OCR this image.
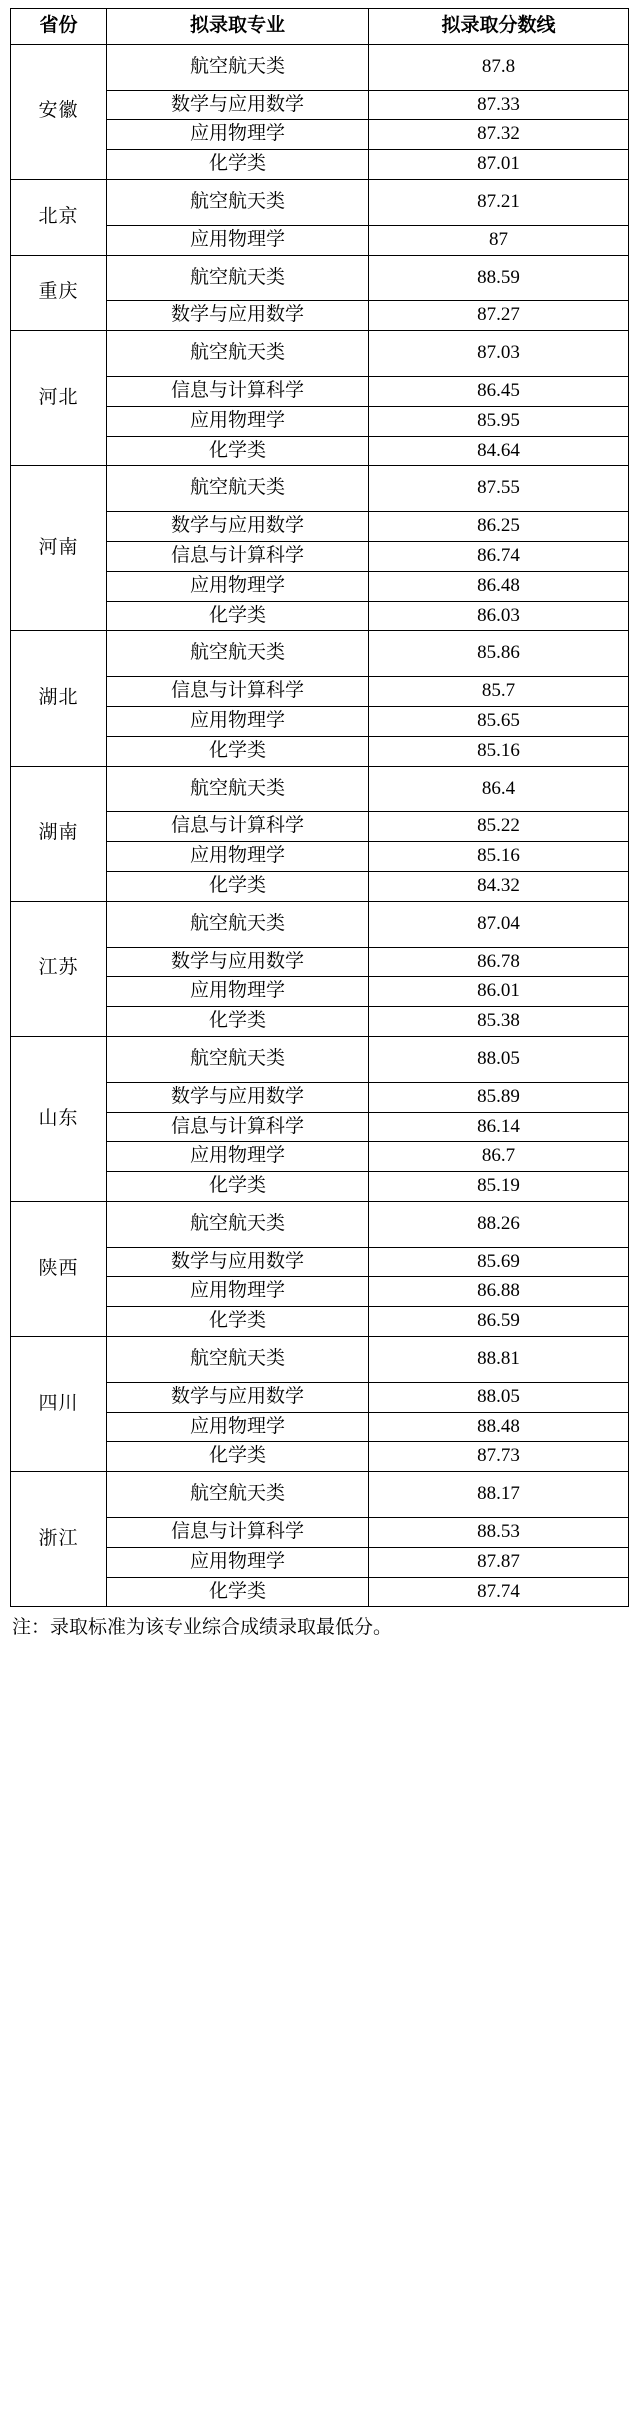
省份	拟录取专业	拟录取分数线
安徽	航空航天类	87.8
	数学与应用数学	87.33
	应用物理学	87.32
	化学类	87.01
北京	航空航天类	87.21
	应用物理学	87
重庆	航空航天类	88.59
	数学与应用数学	87.27
河北	航空航天类	87.03
	信息与计算科学	86.45
	应用物理学	85.95
	化学类	84.64
河南	航空航天类	87.55
	数学与应用数学	86.25
	信息与计算科学	86.74
	应用物理学	86.48
	化学类	86.03
湖北	航空航天类	85.86
	信息与计算科学	85.7
	应用物理学	85.65
	化学类	85.16
湖南	航空航天类	86.4
	信息与计算科学	85.22
	应用物理学	85.16
	化学类	84.32
江苏	航空航天类	87.04
	数学与应用数学	86.78
	应用物理学	86.01
	化学类	85.38
山东	航空航天类	88.05
	数学与应用数学	85.89
	信息与计算科学	86.14
	应用物理学	86.7
	化学类	85.19
陕西	航空航天类	88.26
	数学与应用数学	85.69
	应用物理学	86.88
	化学类	86.59
四川	航空航天类	88.81
	数学与应用数学	88.05
	应用物理学	88.48
	化学类	87.73
浙江	航空航天类	88.17
	信息与计算科学	88.53
	应用物理学	87.87
	化学类	87.74
注：录取标准为该专业综合成绩录取最低分。
